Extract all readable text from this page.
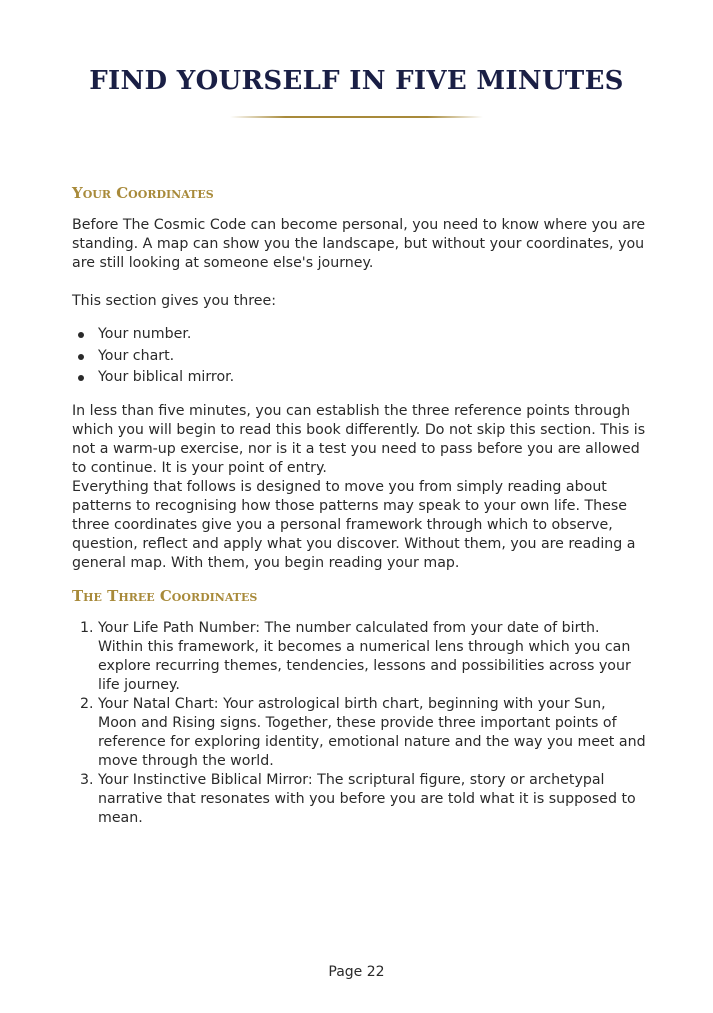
FIND YOURSELF IN FIVE MINUTES
Your Coordinates

Before The Cosmic Code can become personal, you need to know where you are standing. A map can show you the landscape, but without your coordinates, you are still looking at someone else's journey.

This section gives you three:

Your number.
Your chart.
Your biblical mirror.

In less than five minutes, you can establish the three reference points through which you will begin to read this book differently. Do not skip this section. This is not a warm-up exercise, nor is it a test you need to pass before you are allowed to continue. It is your point of entry.

Everything that follows is designed to move you from simply reading about patterns to recognising how those patterns may speak to your own life. These three coordinates give you a personal framework through which to observe, question, reflect and apply what you discover. Without them, you are reading a general map. With them, you begin reading your map.

The Three Coordinates
1. Your Life Path Number: The number calculated from your date of birth. Within this framework, it becomes a numerical lens through which you can explore recurring themes, tendencies, lessons and possibilities across your life journey.
2. Your Natal Chart: Your astrological birth chart, beginning with your Sun, Moon and Rising signs. Together, these provide three important points of reference for exploring identity, emotional nature and the way you meet and move through the world.
3. Your Instinctive Biblical Mirror: The scriptural figure, story or archetypal narrative that resonates with you before you are told what it is supposed to mean.
Page 22
